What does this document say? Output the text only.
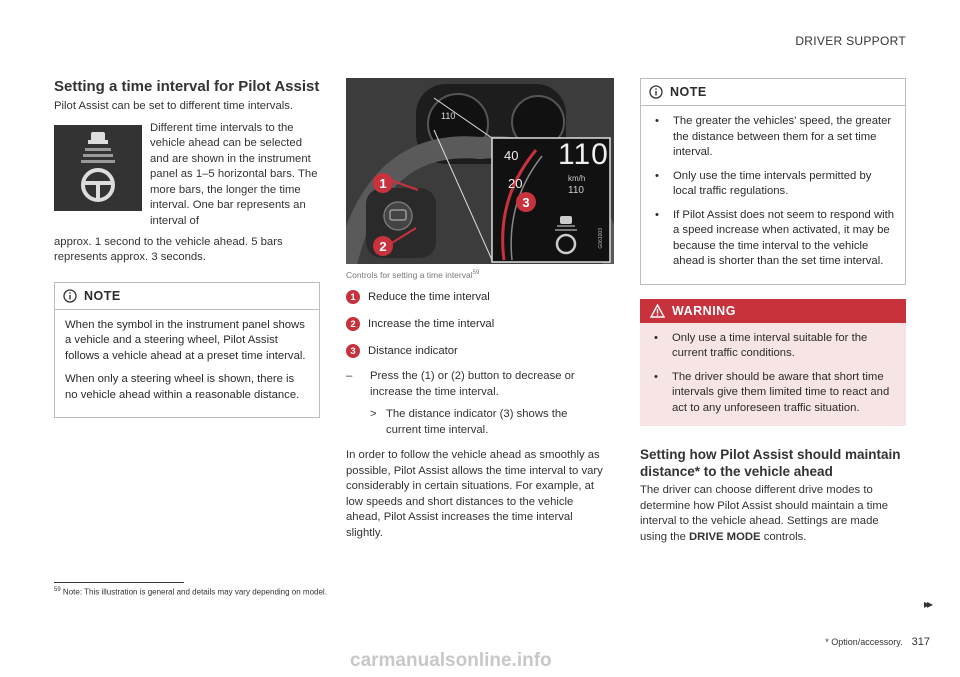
DRIVER SUPPORT
Setting a time interval for Pilot Assist
Pilot Assist can be set to different time intervals.
Different time intervals to the vehicle ahead can be selected and are shown in the instrument panel as 1–5 horizontal bars. The more bars, the longer the time interval. One bar represents an interval of
approx. 1 second to the vehicle ahead. 5 bars represents approx. 3 seconds.
NOTE

When the symbol in the instrument panel shows a vehicle and a steering wheel, Pilot Assist follows a vehicle ahead at a preset time interval.

When only a steering wheel is shown, there is no vehicle ahead within a reasonable distance.

110
110
km/h
110
40
20
1
2
3
G061003
Controls for setting a time interval$^{59}$
1	Reduce the time interval
2	Increase the time interval
3	Distance indicator
–	Press the (1) or (2) button to decrease or increase the time interval.
> The distance indicator (3) shows the current time interval.
In order to follow the vehicle ahead as smoothly as possible, Pilot Assist allows the time interval to vary considerably in certain situations. For example, at low speeds and short distances to the vehicle ahead, Pilot Assist increases the time interval slightly.
NOTE
• The greater the vehicles' speed, the greater the distance between them for a set time interval.
• Only use the time intervals permitted by local traffic regulations.
• If Pilot Assist does not seem to respond with a speed increase when activated, it may be because the time interval to the vehicle ahead is shorter than the set time interval.
WARNING
• Only use a time interval suitable for the current traffic conditions.
• The driver should be aware that short time intervals give them limited time to react and act to any unforeseen traffic situation.
Setting how Pilot Assist should maintain distance* to the vehicle ahead
The driver can choose different drive modes to determine how Pilot Assist should maintain a time interval to the vehicle ahead. Settings are made using the DRIVE MODE controls.
$^{59}$ Note: This illustration is general and details may vary depending on model.
▸▸
* Option/accessory. 317
carmanualsonline.info
